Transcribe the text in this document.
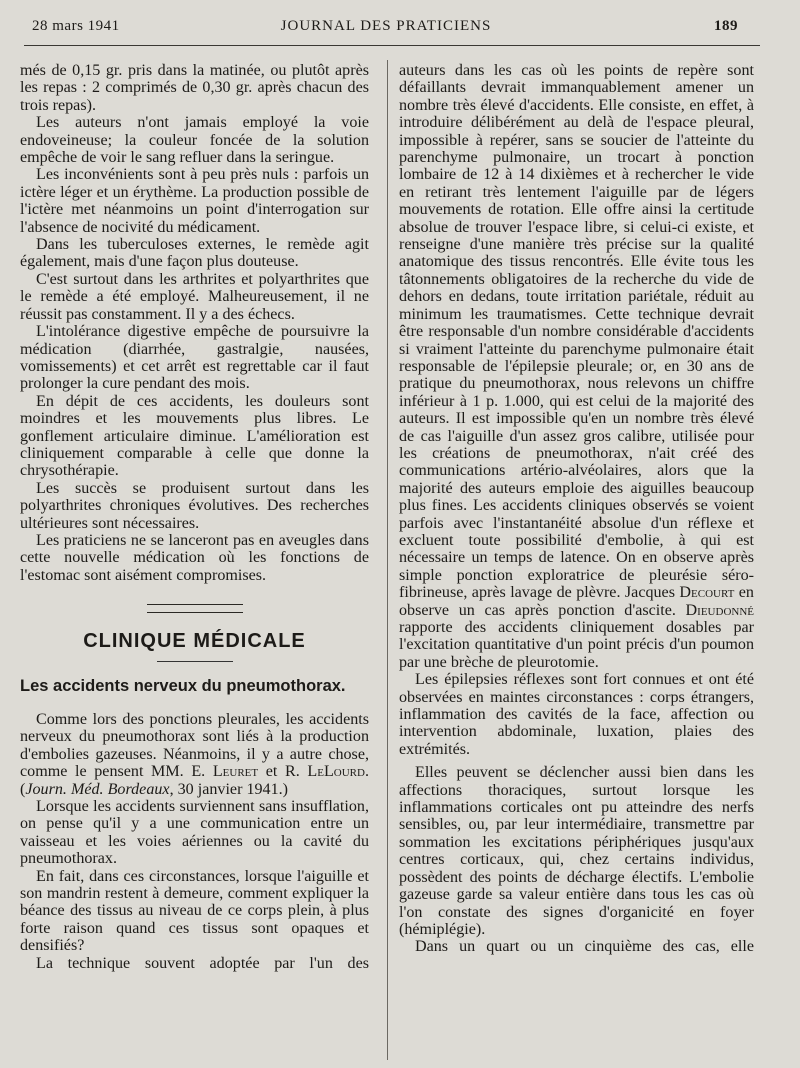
28 mars 1941	JOURNAL DES PRATICIENS	189

més de 0,15 gr. pris dans la matinée, ou plutôt après les repas : 2 comprimés de 0,30 gr. après chacun des trois repas).

Les auteurs n'ont jamais employé la voie endoveineuse; la couleur foncée de la solution empêche de voir le sang refluer dans la seringue.

Les inconvénients sont à peu près nuls : parfois un ictère léger et un érythème. La production possible de l'ictère met néanmoins un point d'interrogation sur l'absence de nocivité du médicament.

Dans les tuberculoses externes, le remède agit également, mais d'une façon plus douteuse.

C'est surtout dans les arthrites et polyarthrites que le remède a été employé. Malheureusement, il ne réussit pas constamment. Il y a des échecs.

L'intolérance digestive empêche de poursuivre la médication (diarrhée, gastralgie, nausées, vomissements) et cet arrêt est regrettable car il faut prolonger la cure pendant des mois.

En dépit de ces accidents, les douleurs sont moindres et les mouvements plus libres. Le gonflement articulaire diminue. L'amélioration est cliniquement comparable à celle que donne la chrysothérapie.

Les succès se produisent surtout dans les polyarthrites chroniques évolutives. Des recherches ultérieures sont nécessaires.

Les praticiens ne se lanceront pas en aveugles dans cette nouvelle médication où les fonctions de l'estomac sont aisément compromises.

CLINIQUE MÉDICALE
Les accidents nerveux du pneumothorax.

Comme lors des ponctions pleurales, les accidents nerveux du pneumothorax sont liés à la production d'embolies gazeuses. Néanmoins, il y a autre chose, comme le pensent MM. E. Leuret et R. LeLourd. (Journ. Méd. Bordeaux, 30 janvier 1941.)

Lorsque les accidents surviennent sans insufflation, on pense qu'il y a une communication entre un vaisseau et les voies aériennes ou la cavité du pneumothorax.

En fait, dans ces circonstances, lorsque l'aiguille et son mandrin restent à demeure, comment expliquer la béance des tissus au niveau de ce corps plein, à plus forte raison quand ces tissus sont opaques et densifiés?

La technique souvent adoptée par l'un des

auteurs dans les cas où les points de repère sont défaillants devrait immanquablement amener un nombre très élevé d'accidents. Elle consiste, en effet, à introduire délibérément au delà de l'espace pleural, impossible à repérer, sans se soucier de l'atteinte du parenchyme pulmonaire, un trocart à ponction lombaire de 12 à 14 dixièmes et à rechercher le vide en retirant très lentement l'aiguille par de légers mouvements de rotation. Elle offre ainsi la certitude absolue de trouver l'espace libre, si celui-ci existe, et renseigne d'une manière très précise sur la qualité anatomique des tissus rencontrés. Elle évite tous les tâtonnements obligatoires de la recherche du vide de dehors en dedans, toute irritation pariétale, réduit au minimum les traumatismes. Cette technique devrait être responsable d'un nombre considérable d'accidents si vraiment l'atteinte du parenchyme pulmonaire était responsable de l'épilepsie pleurale; or, en 30 ans de pratique du pneumothorax, nous relevons un chiffre inférieur à 1 p. 1.000, qui est celui de la majorité des auteurs. Il est impossible qu'en un nombre très élevé de cas l'aiguille d'un assez gros calibre, utilisée pour les créations de pneumothorax, n'ait créé des communications artério-alvéolaires, alors que la majorité des auteurs emploie des aiguilles beaucoup plus fines. Les accidents cliniques observés se voient parfois avec l'instantanéité absolue d'un réflexe et excluent toute possibilité d'embolie, à qui est nécessaire un temps de latence. On en observe après simple ponction exploratrice de pleurésie séro-fibrineuse, après lavage de plèvre. Jacques Decourt en observe un cas après ponction d'ascite. Dieudonné rapporte des accidents cliniquement dosables par l'excitation quantitative d'un point précis d'un poumon par une brèche de pleurotomie.

Les épilepsies réflexes sont fort connues et ont été observées en maintes circonstances : corps étrangers, inflammation des cavités de la face, affection ou intervention abdominale, luxation, plaies des extrémités.

Elles peuvent se déclencher aussi bien dans les affections thoraciques, surtout lorsque les inflammations corticales ont pu atteindre des nerfs sensibles, ou, par leur intermédiaire, transmettre par sommation les excitations périphériques jusqu'aux centres corticaux, qui, chez certains individus, possèdent des points de décharge électifs. L'embolie gazeuse garde sa valeur entière dans tous les cas où l'on constate des signes d'organicité en foyer (hémiplégie).

Dans un quart ou un cinquième des cas, elle
